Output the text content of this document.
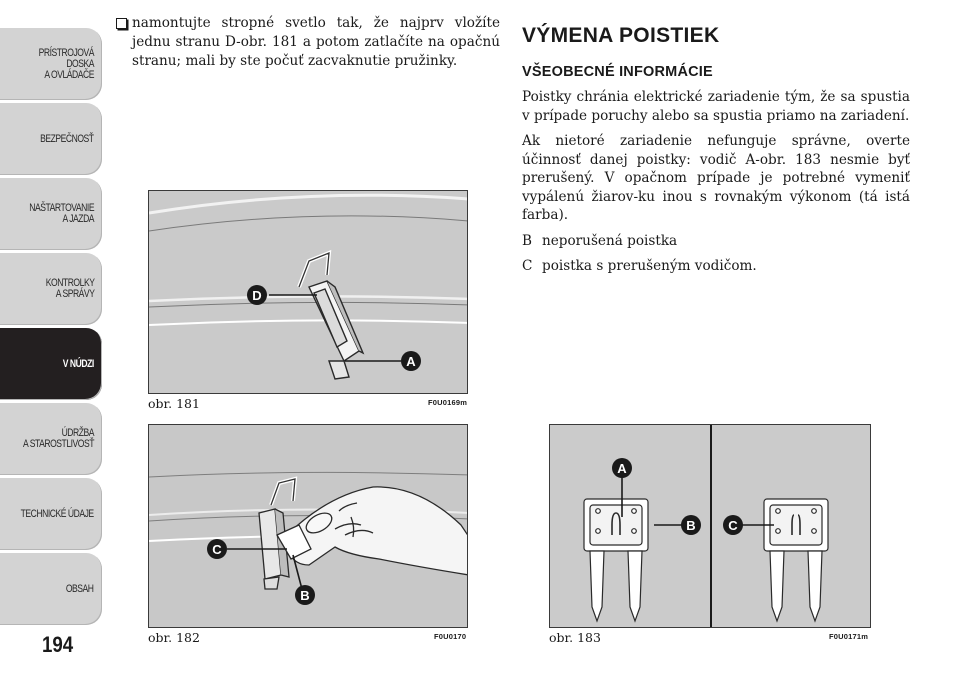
PRÍSTROJOVÁ
DOSKA
A OVLÁDAČE
BEZPEČNOSŤ
NAŠTARTOVANIE
A JAZDA
KONTROLKY
A SPRÁVY
V NÚDZI
ÚDRŽBA
A STAROSTLIVOSŤ
TECHNICKÉ ÚDAJE
OBSAH
194

namontujte stropné svetlo tak, že najprv vložíte jednu stranu D-obr. 181 a potom zatlačíte na opačnú stranu; mali by ste počuť zacvaknutie pružinky.

VÝMENA POISTIEK
VŠEOBECNÉ INFORMÁCIE

Poistky chránia elektrické zariadenie tým, že sa spustia v prípade poruchy alebo sa spustia priamo na zariadení.

Ak nietoré zariadenie nefunguje správne, overte účinnosť danej poistky: vodič A-obr. 183 nesmie byť prerušený. V opačnom prípade je potrebné vymeniť vypálenú žiarov-ku inou s rovnakým výkonom (tá istá farba).

B neporušená poistka
C poistka s prerušeným vodičom.
D
A
obr. 181	F0U0169m
C
B
obr. 182	F0U0170
A
B	C
obr. 183	F0U0171m
